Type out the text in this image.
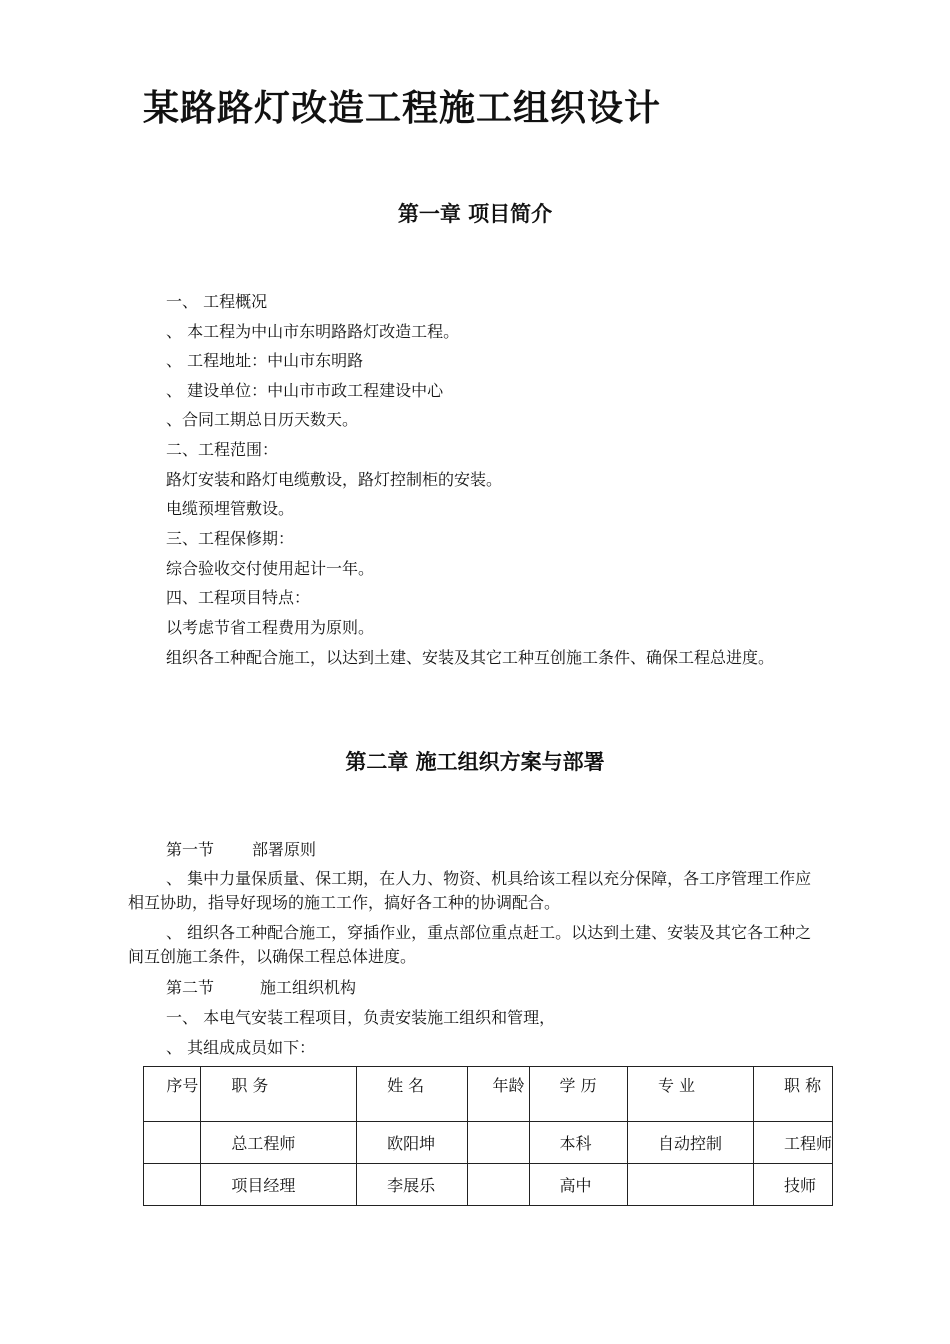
某路路灯改造工程施工组织设计
第一章 项目简介
一、 工程概况
、 本工程为中山市东明路路灯改造工程。
、 工程地址：中山市东明路
、 建设单位：中山市市政工程建设中心
、合同工期总日历天数天。
二、工程范围：
路灯安装和路灯电缆敷设，路灯控制柜的安装。
电缆预埋管敷设。
三、工程保修期：
综合验收交付使用起计一年。
四、工程项目特点：
以考虑节省工程费用为原则。
组织各工种配合施工，以达到土建、安装及其它工种互创施工条件、确保工程总进度。
第二章 施工组织方案与部署
第一节 部署原则
、 集中力量保质量、保工期，在人力、物资、机具给该工程以充分保障，各工序管理工作应相互协助，指导好现场的施工工作，搞好各工种的协调配合。
、 组织各工种配合施工，穿插作业，重点部位重点赶工。以达到土建、安装及其它各工种之间互创施工条件，以确保工程总体进度。
第二节	施工组织机构
一、 本电气安装工程项目，负责安装施工组织和管理，
、 其组成成员如下：
序号	职 务	姓 名	年龄	学 历	专 业	职 称
	总工程师	欧阳坤		本科	自动控制	工程师
	项目经理	李展乐		高中		技师
